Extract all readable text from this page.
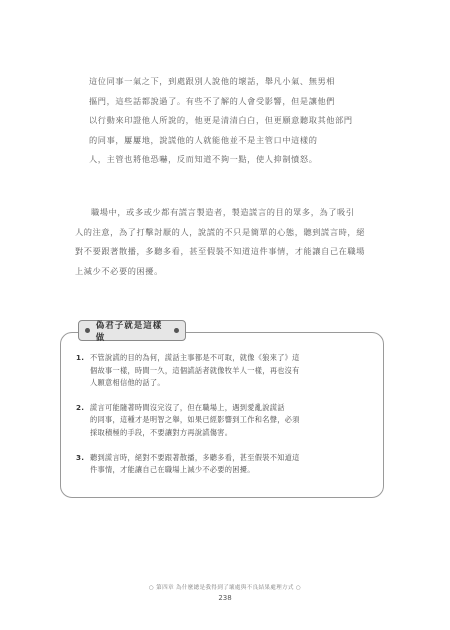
這位同事一氣之下，到處跟別人說他的壞話，舉凡小氣、無男相
摳門，這些話都說過了。有些不了解的人會受影響，但是讓他們
以行動來印證他人所說的，他更是清清白白，但更願意聽取其他部門
的同事，屢屢地，說謊他的人就能他並不是主管口中這樣的
人，主管也將他恐嚇，反而知道不夠一點，使人抑制憤怒。
職場中，或多或少都有謊言製造者，製造謊言的目的眾多，為了吸引
人的注意，為了打擊討厭的人，說謊的不只是簡單的心態，聽到謊言時，絕
對不要跟著散播，多聽多看，甚至假裝不知道這件事情，才能讓自己在職場
上減少不必要的困擾。
偽君子就是這樣做
1. 不管說謊的目的為何，謊話主事都是不可取，就像《狼來了》這
個故事一樣，時間一久，這個謊話者就像牧羊人一樣，再也沒有
人願意相信他的話了。
2. 謊言可能隨著時間沒完沒了，但在職場上，遇到愛亂說謊話
的同事，這種才是明智之舉，如果已經影響到工作和名聲，必須
採取積極的手段，不要讓對方再說謊傷害。
3. 聽到謊言時，絕對不要跟著散播，多聽多看，甚至假裝不知道這
件事情，才能讓自己在職場上減少不必要的困擾。
○ 第四章 為什麼總是我得到了壞處與不良結果處理方式 ○
238
